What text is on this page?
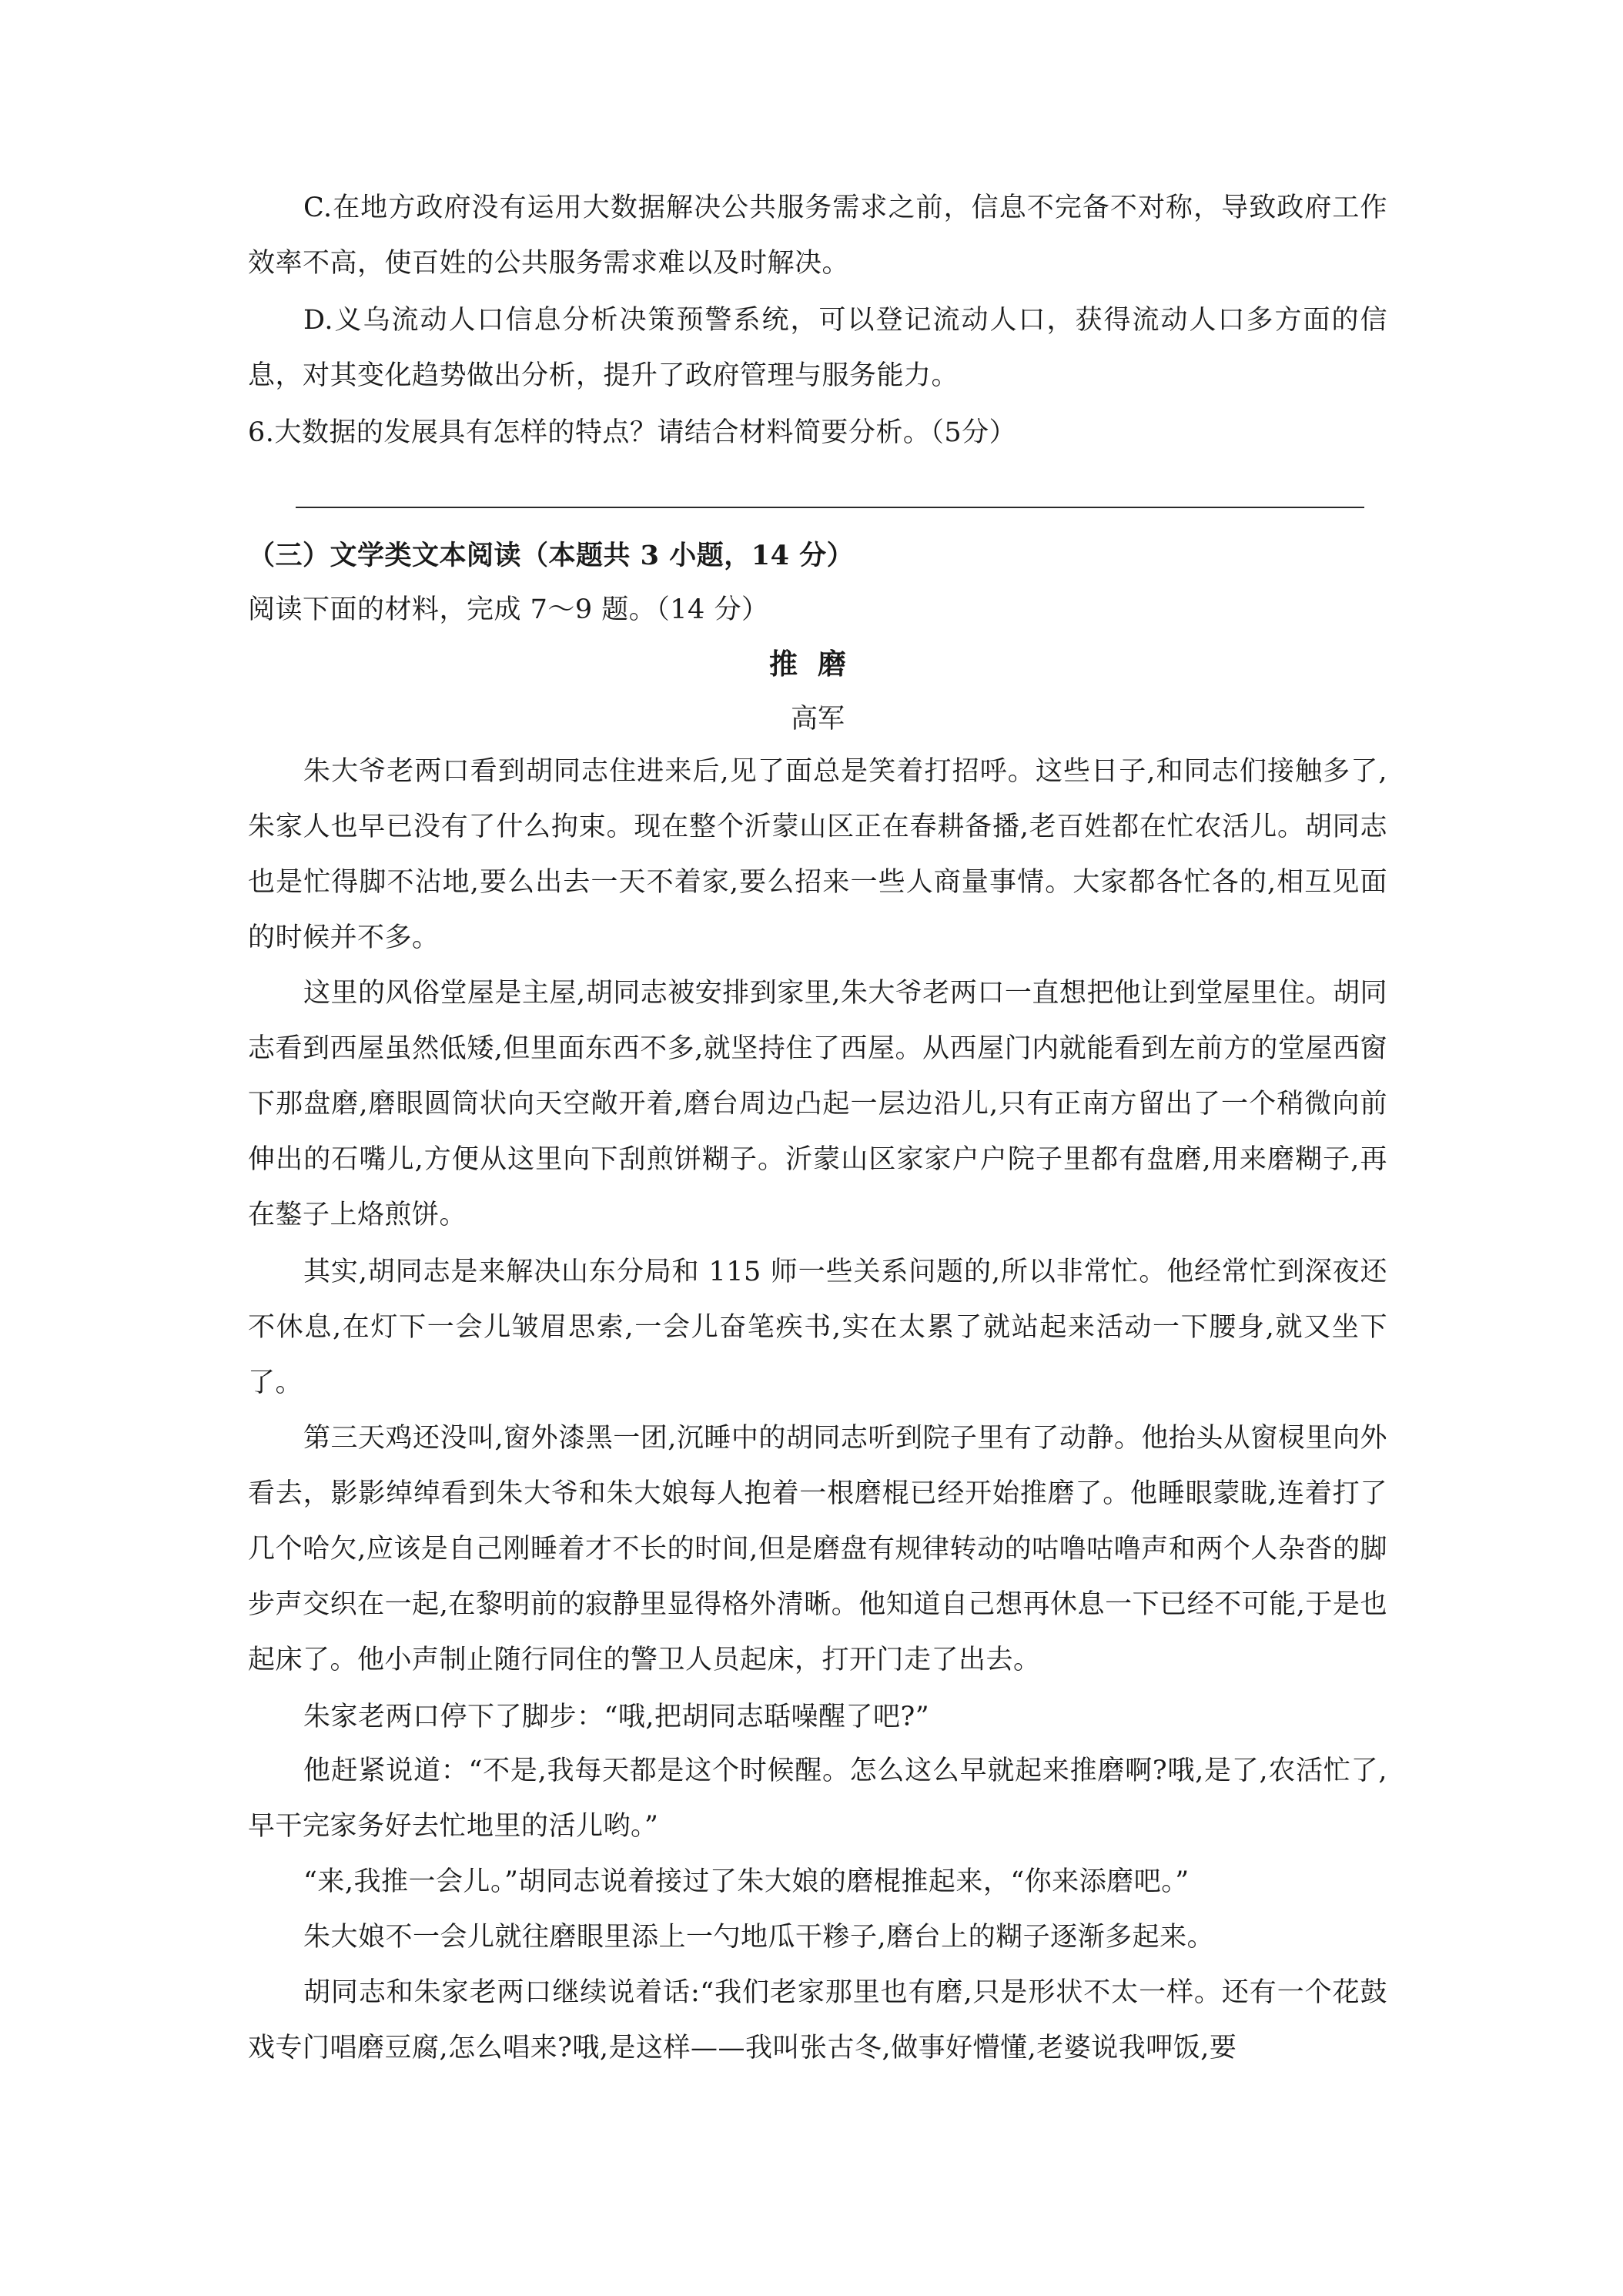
C.在地方政府没有运用大数据解决公共服务需求之前，信息不完备不对称，导致政府工作效率不高，使百姓的公共服务需求难以及时解决。

D.义乌流动人口信息分析决策预警系统，可以登记流动人口，获得流动人口多方面的信息，对其变化趋势做出分析，提升了政府管理与服务能力。

6.大数据的发展具有怎样的特点？请结合材料简要分析。（5分）

（三）文学类文本阅读（本题共 3 小题，14 分）

阅读下面的材料，完成 7～9 题。（14 分）

推磨

高军

朱大爷老两口看到胡同志住进来后,见了面总是笑着打招呼。这些日子,和同志们接触多了,朱家人也早已没有了什么拘束。现在整个沂蒙山区正在春耕备播,老百姓都在忙农活儿。胡同志也是忙得脚不沾地,要么出去一天不着家,要么招来一些人商量事情。大家都各忙各的,相互见面的时候并不多。

这里的风俗堂屋是主屋,胡同志被安排到家里,朱大爷老两口一直想把他让到堂屋里住。胡同志看到西屋虽然低矮,但里面东西不多,就坚持住了西屋。从西屋门内就能看到左前方的堂屋西窗下那盘磨,磨眼圆筒状向天空敞开着,磨台周边凸起一层边沿儿,只有正南方留出了一个稍微向前伸出的石嘴儿,方便从这里向下刮煎饼糊子。沂蒙山区家家户户院子里都有盘磨,用来磨糊子,再在鏊子上烙煎饼。

其实,胡同志是来解决山东分局和 115 师一些关系问题的,所以非常忙。他经常忙到深夜还不休息,在灯下一会儿皱眉思索,一会儿奋笔疾书,实在太累了就站起来活动一下腰身,就又坐下了。

第三天鸡还没叫,窗外漆黑一团,沉睡中的胡同志听到院子里有了动静。他抬头从窗棂里向外看去，影影绰绰看到朱大爷和朱大娘每人抱着一根磨棍已经开始推磨了。他睡眼蒙眬,连着打了几个哈欠,应该是自己刚睡着才不长的时间,但是磨盘有规律转动的咕噜咕噜声和两个人杂沓的脚步声交织在一起,在黎明前的寂静里显得格外清晰。他知道自己想再休息一下已经不可能,于是也起床了。他小声制止随行同住的警卫人员起床，打开门走了出去。

朱家老两口停下了脚步：“哦,把胡同志聒噪醒了吧?”

他赶紧说道：“不是,我每天都是这个时候醒。怎么这么早就起来推磨啊?哦,是了,农活忙了,早干完家务好去忙地里的活儿哟。”

“来,我推一会儿。”胡同志说着接过了朱大娘的磨棍推起来，“你来添磨吧。”

朱大娘不一会儿就往磨眼里添上一勺地瓜干糁子,磨台上的糊子逐渐多起来。

胡同志和朱家老两口继续说着话:“我们老家那里也有磨,只是形状不太一样。还有一个花鼓戏专门唱磨豆腐,怎么唱来?哦,是这样——我叫张古冬,做事好懵懂,老婆说我呷饭,要
